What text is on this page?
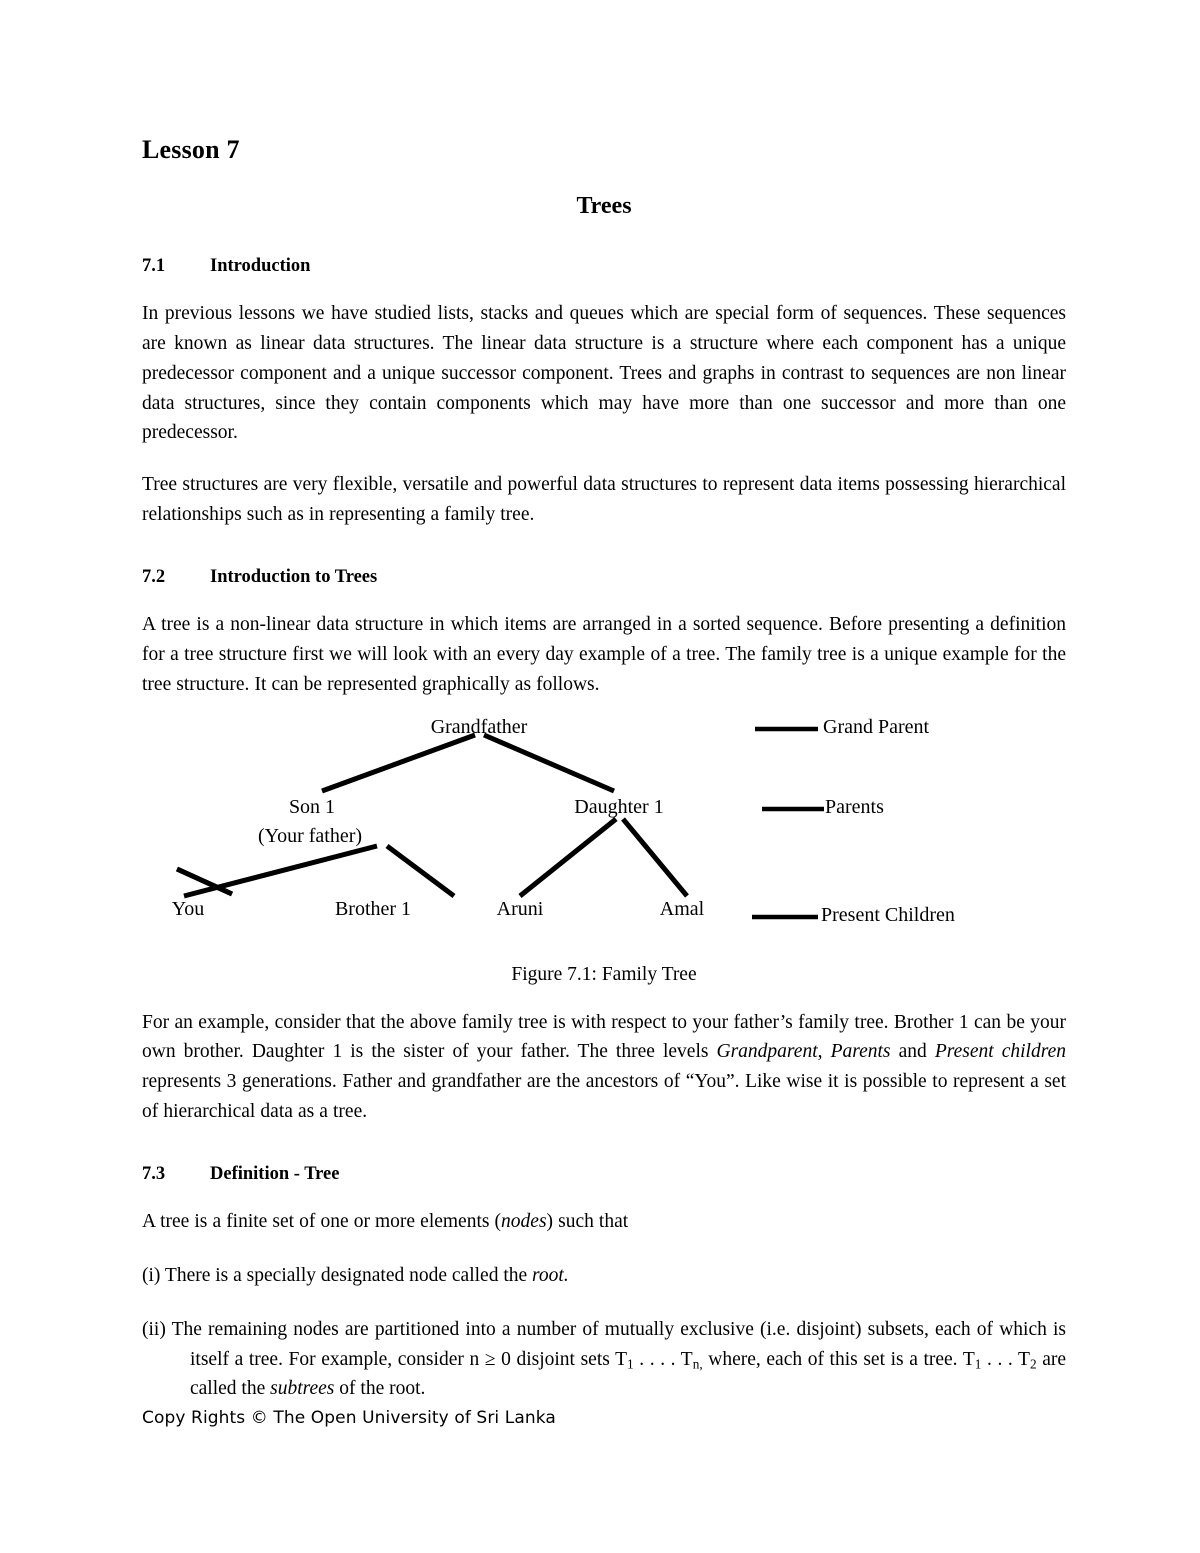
Lesson 7
Trees
7.1	Introduction

In previous lessons we have studied lists, stacks and queues which are special form of sequences. These sequences are known as linear data structures. The linear data structure is a structure where each component has a unique predecessor component and a unique successor component. Trees and graphs in contrast to sequences are non linear data structures, since they contain components which may have more than one successor and more than one predecessor.

Tree structures are very flexible, versatile and powerful data structures to represent data items possessing hierarchical relationships such as in representing a family tree.

7.2	Introduction to Trees

A tree is a non-linear data structure in which items are arranged in a sorted sequence. Before presenting a definition for a tree structure first we will look with an every day example of a tree. The family tree is a unique example for the tree structure. It can be represented graphically as follows.

Grandfather
Son 1
(Your father)
Daughter 1
You	Brother 1	Aruni	Amal
Grand Parent
Parents
Present Children

Figure 7.1: Family Tree

For an example, consider that the above family tree is with respect to your father’s family tree. Brother 1 can be your own brother. Daughter 1 is the sister of your father. The three levels Grandparent, Parents and Present children represents 3 generations. Father and grandfather are the ancestors of “You”. Like wise it is possible to represent a set of hierarchical data as a tree.

7.3	Definition - Tree

A tree is a finite set of one or more elements (nodes) such that

(i) There is a specially designated node called the root.

(ii) The remaining nodes are partitioned into a number of mutually exclusive (i.e. disjoint) subsets, each of which is itself a tree. For example, consider n ≥ 0 disjoint sets $T_1$ . . . . $T_{n,}$ where, each of this set is a tree. $T_1$ . . . $T_2$ are called the subtrees of the root.

Copy Rights © The Open University of Sri Lanka
